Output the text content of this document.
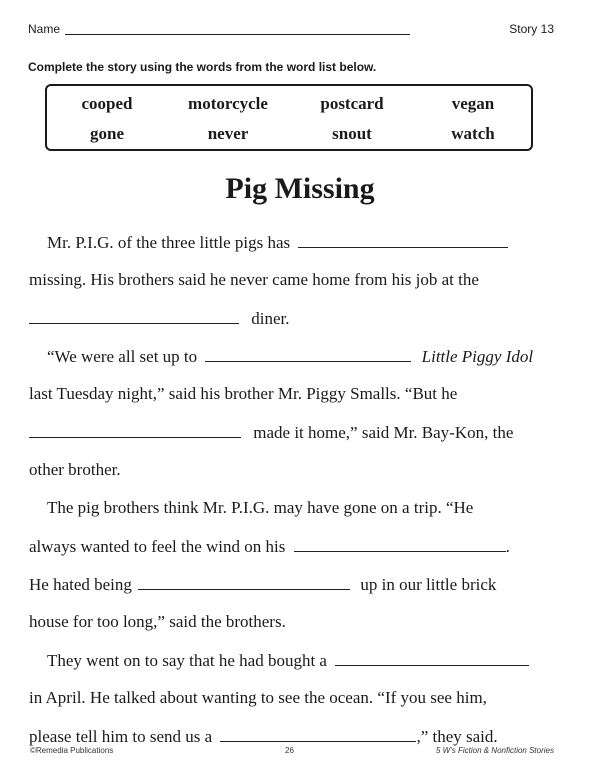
Name	Story 13
Complete the story using the words from the word list below.
cooped	motorcycle	postcard	vegan
gone	never	snout	watch
Pig Missing
Mr. P.I.G. of the three little pigs has
missing. His brothers said he never came home from his job at the
diner.
“We were all set up to	Little Piggy Idol
last Tuesday night,” said his brother Mr. Piggy Smalls. “But he
made it home,” said Mr. Bay-Kon, the
other brother.
The pig brothers think Mr. P.I.G. may have gone on a trip. “He
always wanted to feel the wind on his	.
He hated being	up in our little brick
house for too long,” said the brothers.
They went on to say that he had bought a
in April. He talked about wanting to see the ocean. “If you see him,
please tell him to send us a	,” they said.
©Remedia Publications	26	5 W's Fiction & Nonfiction Stories
